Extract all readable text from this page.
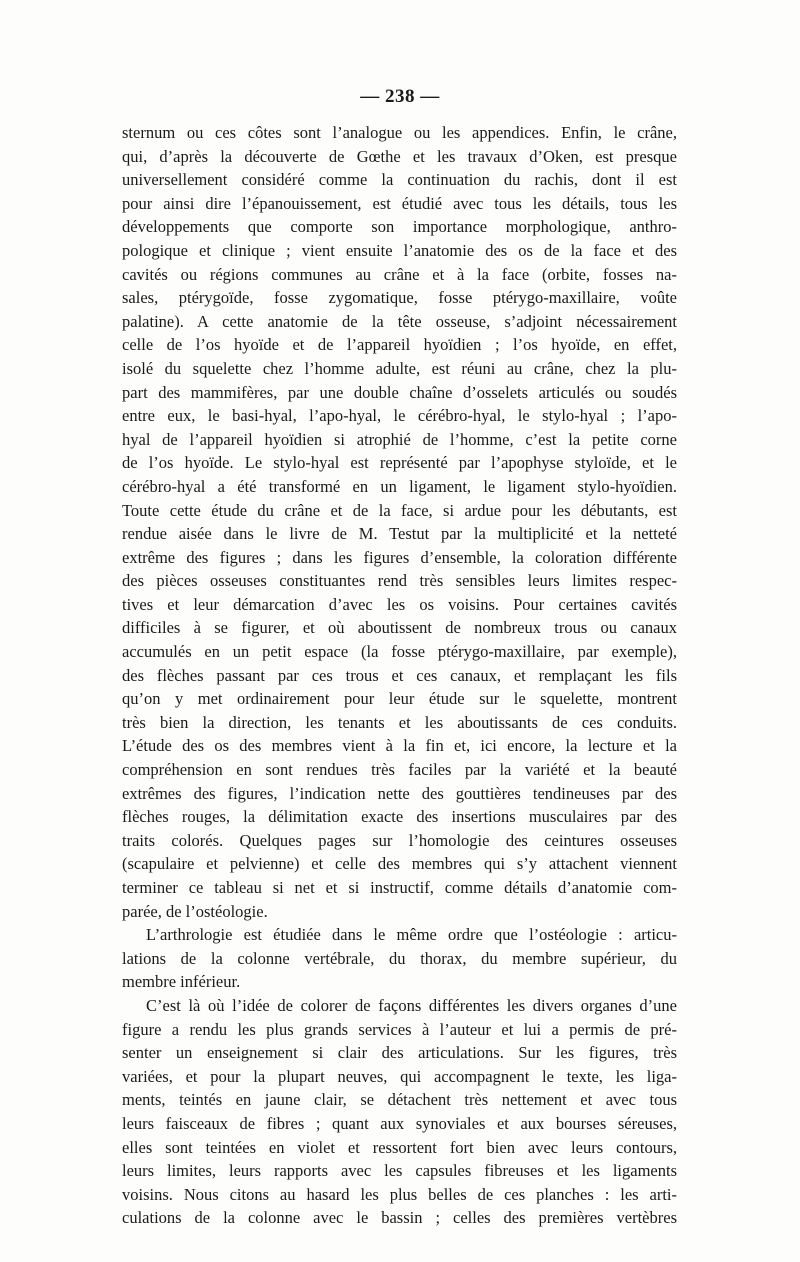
— 238 —

sternum ou ces côtes sont l’analogue ou les appendices. Enfin, le crâne,
qui, d’après la découverte de Gœthe et les travaux d’Oken, est presque
universellement considéré comme la continuation du rachis, dont il est
pour ainsi dire l’épanouissement, est étudié avec tous les détails, tous les
développements que comporte son importance morphologique, anthro-
pologique et clinique ; vient ensuite l’anatomie des os de la face et des
cavités ou régions communes au crâne et à la face (orbite, fosses na-
sales, ptérygoïde, fosse zygomatique, fosse ptérygo-maxillaire, voûte
palatine). A cette anatomie de la tête osseuse, s’adjoint nécessairement
celle de l’os hyoïde et de l’appareil hyoïdien ; l’os hyoïde, en effet,
isolé du squelette chez l’homme adulte, est réuni au crâne, chez la plu-
part des mammifères, par une double chaîne d’osselets articulés ou soudés
entre eux, le basi-hyal, l’apo-hyal, le cérébro-hyal, le stylo-hyal ; l’apo-
hyal de l’appareil hyoïdien si atrophié de l’homme, c’est la petite corne
de l’os hyoïde. Le stylo-hyal est représenté par l’apophyse styloïde, et le
cérébro-hyal a été transformé en un ligament, le ligament stylo-hyoïdien.
Toute cette étude du crâne et de la face, si ardue pour les débutants, est
rendue aisée dans le livre de M. Testut par la multiplicité et la netteté
extrême des figures ; dans les figures d’ensemble, la coloration différente
des pièces osseuses constituantes rend très sensibles leurs limites respec-
tives et leur démarcation d’avec les os voisins. Pour certaines cavités
difficiles à se figurer, et où aboutissent de nombreux trous ou canaux
accumulés en un petit espace (la fosse ptérygo-maxillaire, par exemple),
des flèches passant par ces trous et ces canaux, et remplaçant les fils
qu’on y met ordinairement pour leur étude sur le squelette, montrent
très bien la direction, les tenants et les aboutissants de ces conduits.
L’étude des os des membres vient à la fin et, ici encore, la lecture et la
compréhension en sont rendues très faciles par la variété et la beauté
extrêmes des figures, l’indication nette des gouttières tendineuses par des
flèches rouges, la délimitation exacte des insertions musculaires par des
traits colorés. Quelques pages sur l’homologie des ceintures osseuses
(scapulaire et pelvienne) et celle des membres qui s’y attachent viennent
terminer ce tableau si net et si instructif, comme détails d’anatomie com-
parée, de l’ostéologie.

L’arthrologie est étudiée dans le même ordre que l’ostéologie : articu-
lations de la colonne vertébrale, du thorax, du membre supérieur, du
membre inférieur.

C’est là où l’idée de colorer de façons différentes les divers organes d’une
figure a rendu les plus grands services à l’auteur et lui a permis de pré-
senter un enseignement si clair des articulations. Sur les figures, très
variées, et pour la plupart neuves, qui accompagnent le texte, les liga-
ments, teintés en jaune clair, se détachent très nettement et avec tous
leurs faisceaux de fibres ; quant aux synoviales et aux bourses séreuses,
elles sont teintées en violet et ressortent fort bien avec leurs contours,
leurs limites, leurs rapports avec les capsules fibreuses et les ligaments
voisins. Nous citons au hasard les plus belles de ces planches : les arti-
culations de la colonne avec le bassin ; celles des premières vertèbres
